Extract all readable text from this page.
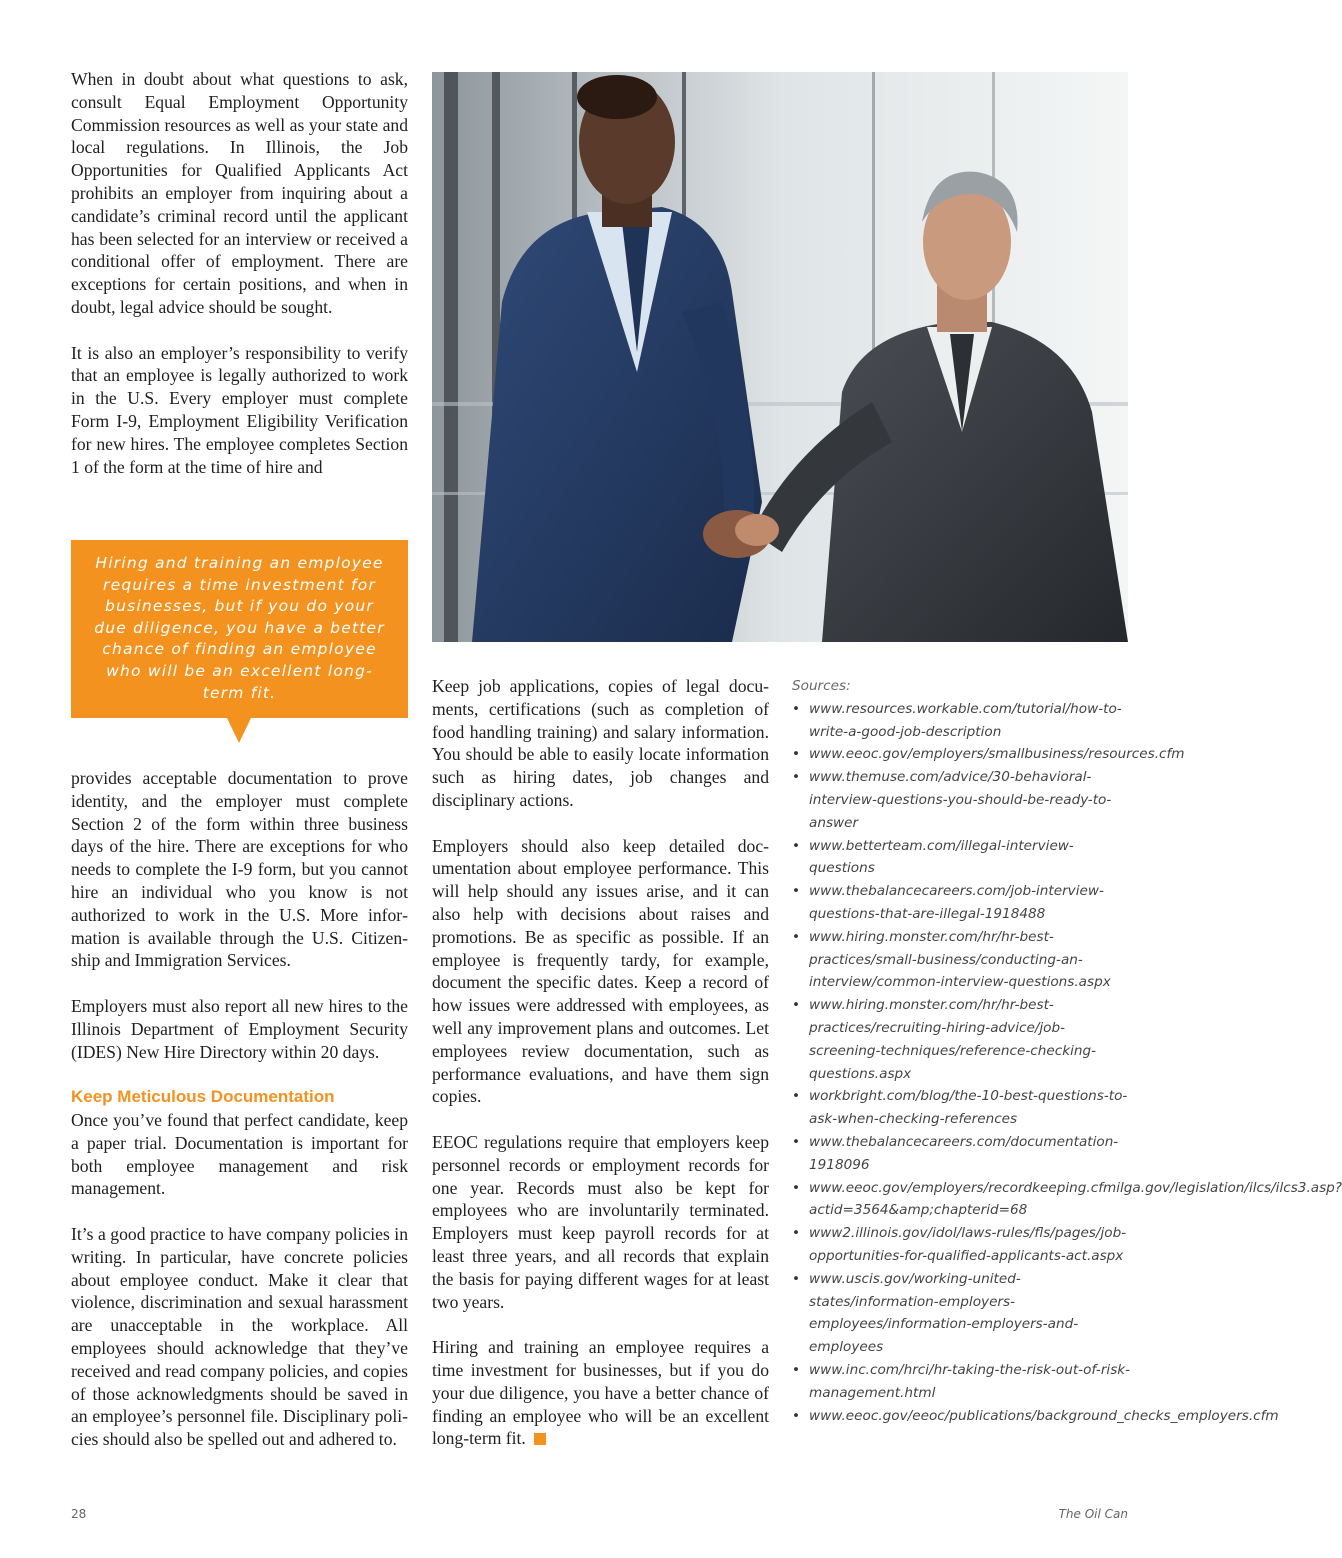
When in doubt about what questions to ask, consult Equal Employment Opportunity Commission resources as well as your state and local regulations. In Illinois, the Job Opportunities for Qualified Applicants Act prohibits an employer from inquiring about a candidate’s criminal record until the applicant has been selected for an interview or received a conditional offer of employment. There are exceptions for certain positions, and when in doubt, legal advice should be sought.

It is also an employer’s responsibility to verify that an employee is legally authorized to work in the U.S. Every employer must complete Form I-9, Employment Eligibility Verification for new hires. The employee completes Section 1 of the form at the time of hire and

Hiring and training an employee requires a time investment for businesses, but if you do your due diligence, you have a better chance of finding an employee who will be an excellent long-term fit.

provides acceptable documentation to prove identity, and the employer must complete Section 2 of the form within three business days of the hire. There are exceptions for who needs to complete the I-9 form, but you cannot hire an individual who you know is not authorized to work in the U.S. More information is available through the U.S. Citizenship and Immigration Services.

Employers must also report all new hires to the Illinois Department of Employment Security (IDES) New Hire Directory within 20 days.

Keep Meticulous Documentation

Once you’ve found that perfect candidate, keep a paper trial. Documentation is important for both employee management and risk management.

It’s a good practice to have company policies in writing. In particular, have concrete policies about employee conduct. Make it clear that violence, discrimination and sexual harassment are unacceptable in the workplace. All employees should acknowledge that they’ve received and read company policies, and copies of those acknowledgments should be saved in an employee’s personnel file. Disciplinary policies should also be spelled out and adhered to.

Keep job applications, copies of legal documents, certifications (such as completion of food handling training) and salary information. You should be able to easily locate information such as hiring dates, job changes and disciplinary actions.

Employers should also keep detailed documentation about employee performance. This will help should any issues arise, and it can also help with decisions about raises and promotions. Be as specific as possible. If an employee is frequently tardy, for example, document the specific dates. Keep a record of how issues were addressed with employees, as well any improvement plans and outcomes. Let employees review documentation, such as performance evaluations, and have them sign copies.

EEOC regulations require that employers keep personnel records or employment records for one year. Records must also be kept for employees who are involuntarily terminated. Employers must keep payroll records for at least three years, and all records that explain the basis for paying different wages for at least two years.

Hiring and training an employee requires a time investment for businesses, but if you do your due diligence, you have a better chance of finding an employee who will be an excellent long-term fit.

Sources:
• www.resources.workable.com/tutorial/how-to-write-a-good-job-description
• www.eeoc.gov/employers/smallbusiness/resources.cfm
• www.themuse.com/advice/30-behavioral-interview-questions-you-should-be-ready-to-answer
• www.betterteam.com/illegal-interview-questions
• www.thebalancecareers.com/job-interview-questions-that-are-illegal-1918488
• www.hiring.monster.com/hr/hr-best-practices/small-business/conducting-an-interview/common-interview-questions.aspx
• www.hiring.monster.com/hr/hr-best-practices/recruiting-hiring-advice/job-screening-techniques/reference-checking-questions.aspx
• workbright.com/blog/the-10-best-questions-to-ask-when-checking-references
• www.thebalancecareers.com/documentation-1918096
• www.eeoc.gov/employers/recordkeeping.cfmilga.gov/legislation/ilcs/ilcs3.asp?actid=3564&amp;chapterid=68
• www2.illinois.gov/idol/laws-rules/fls/pages/job-opportunities-for-qualified-applicants-act.aspx
• www.uscis.gov/working-united-states/information-employers-employees/information-employers-and-employees
• www.inc.com/hrci/hr-taking-the-risk-out-of-risk-management.html
• www.eeoc.gov/eeoc/publications/background_checks_employers.cfm
28	The Oil Can
